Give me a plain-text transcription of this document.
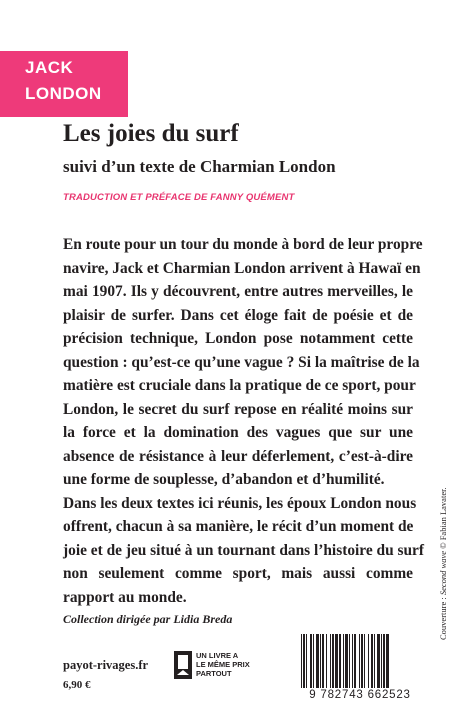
JACK
LONDON
Les joies du surf
suivi d’un texte de Charmian London
TRADUCTION ET PRÉFACE DE FANNY QUÉMENT
En route pour un tour du monde à bord de leur propre
navire, Jack et Charmian London arrivent à Hawaï en
mai 1907. Ils y découvrent, entre autres merveilles, le
plaisir de surfer. Dans cet éloge fait de poésie et de
précision technique, London pose notamment cette
question : qu’est-ce qu’une vague ? Si la maîtrise de la
matière est cruciale dans la pratique de ce sport, pour
London, le secret du surf repose en réalité moins sur
la force et la domination des vagues que sur une
absence de résistance à leur déferlement, c’est-à-dire
une forme de souplesse, d’abandon et d’humilité.
Dans les deux textes ici réunis, les époux London nous
offrent, chacun à sa manière, le récit d’un moment de
joie et de jeu situé à un tournant dans l’histoire du surf
non seulement comme sport, mais aussi comme
rapport au monde.
Collection dirigée par Lidia Breda
payot-rivages.fr
6,90 €
UN LIVRE A
LE MÊME PRIX
PARTOUT
9 782743 662523
Couverture : Second wave © Fabian Lavater.
